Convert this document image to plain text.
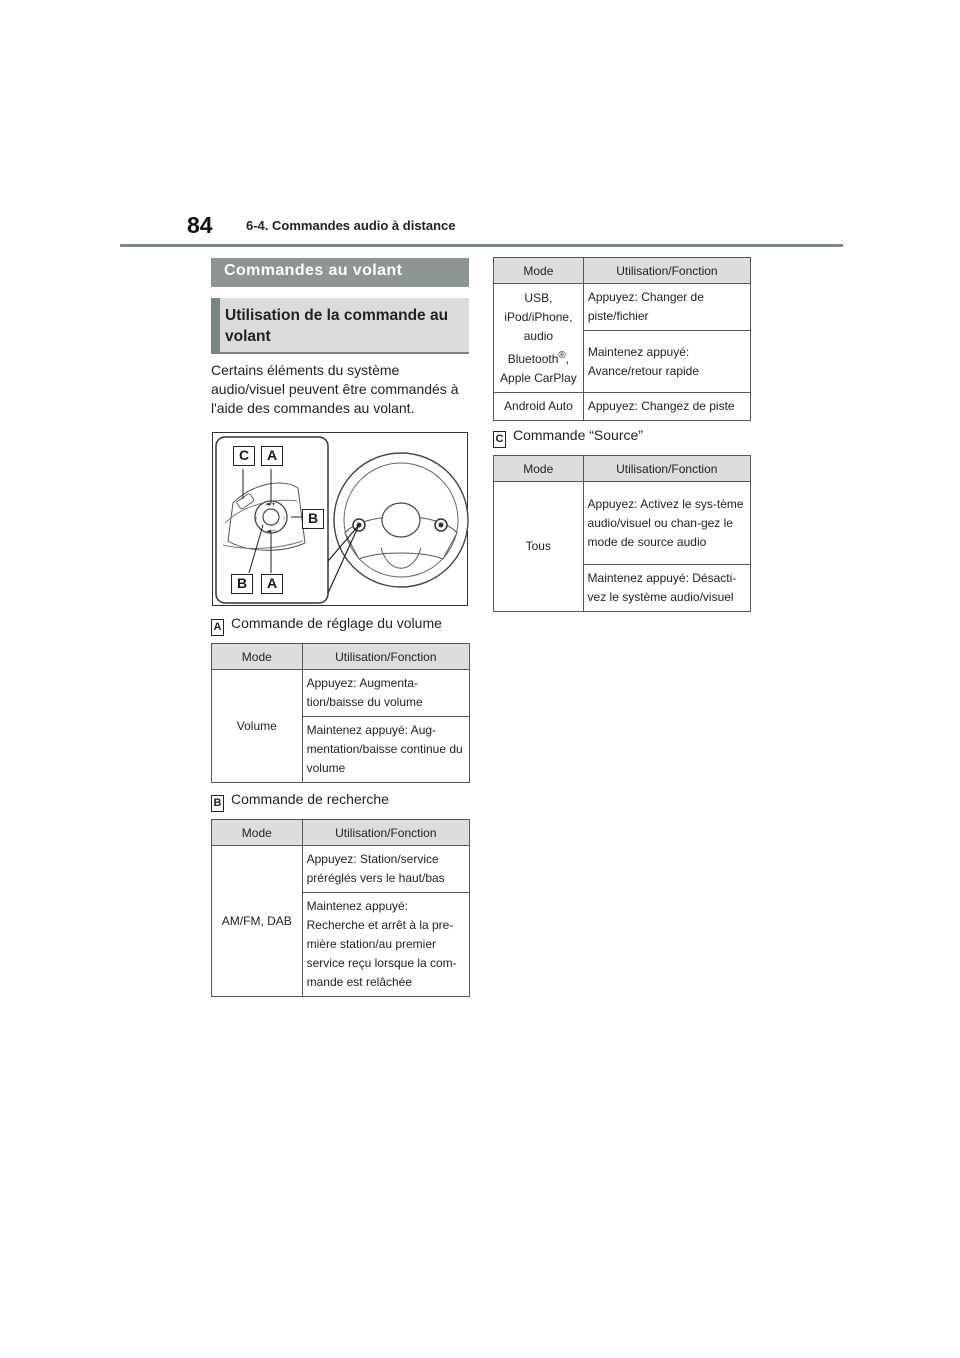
84	6-4. Commandes audio à distance
Commandes au volant
Utilisation de la commande au volant
Certains éléments du système audio/visuel peuvent être commandés à l'aide des commandes au volant.
◄+
◄−
‹	›
C	A
B
B	A
A Commande de réglage du volume
Mode	Utilisation/Fonction
Volume	Appuyez: Augmenta-tion/baisse du volume
	Maintenez appuyé: Aug-mentation/baisse continue du volume
B Commande de recherche
Mode	Utilisation/Fonction
AM/FM, DAB	Appuyez: Station/service préréglés vers le haut/bas
	Maintenez appuyé: Recherche et arrêt à la pre-mière station/au premier service reçu lorsque la com-mande est relâchée
Mode	Utilisation/Fonction
USB,
iPod/iPhone,
audio
Bluetooth®,
Apple CarPlay	Appuyez: Changer de piste/fichier
	Maintenez appuyé: Avance/retour rapide
Android Auto	Appuyez: Changez de piste
C Commande “Source”
Mode	Utilisation/Fonction
Tous	Appuyez: Activez le sys-tème audio/visuel ou chan-gez le mode de source audio
	Maintenez appuyé: Désacti-vez le système audio/visuel
